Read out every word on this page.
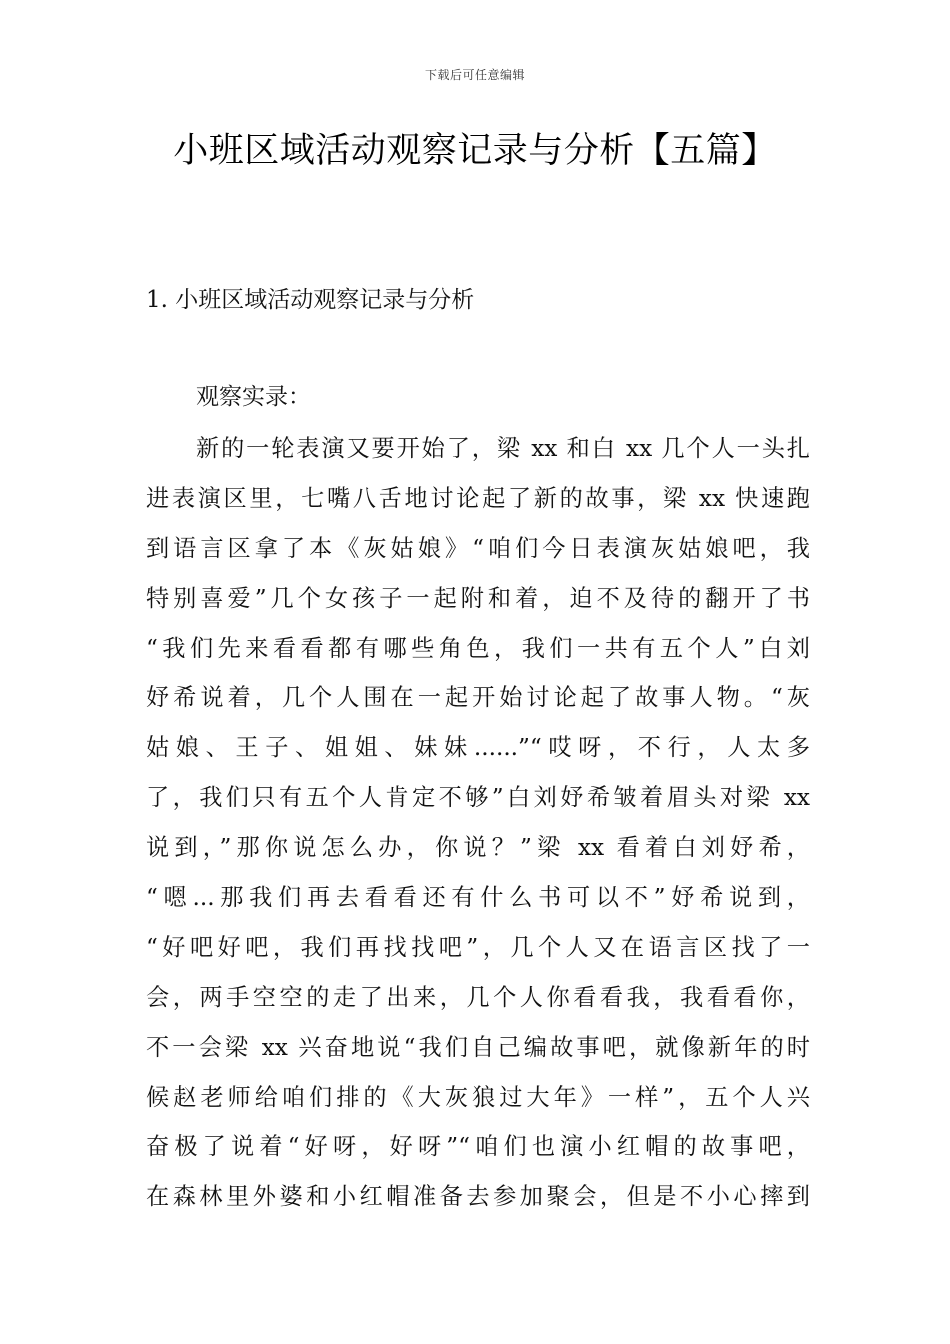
下载后可任意编辑
小班区域活动观察记录与分析【五篇】
1. 小班区域活动观察记录与分析
观察实录：
新的一轮表演又要开始了，梁 xx 和白 xx 几个人一头扎
进表演区里，七嘴八舌地讨论起了新的故事，梁 xx 快速跑
到语言区拿了本《灰姑娘》“咱们今日表演灰姑娘吧，我
特别喜爱”几个女孩子一起附和着，迫不及待的翻开了书
“我们先来看看都有哪些角色，我们一共有五个人”白刘
妤希说着，几个人围在一起开始讨论起了故事人物。“灰
姑娘、王子、姐姐、妹妹......”“哎呀，不行，人太多
了，我们只有五个人肯定不够”白刘妤希皱着眉头对梁 xx
说到，”那你说怎么办，你说？”梁 xx 看着白刘妤希，
“嗯...那我们再去看看还有什么书可以不”妤希说到，
“好吧好吧，我们再找找吧”，几个人又在语言区找了一
会，两手空空的走了出来，几个人你看看我，我看看你，
不一会梁 xx 兴奋地说“我们自己编故事吧，就像新年的时
候赵老师给咱们排的《大灰狼过大年》一样”，五个人兴
奋极了说着“好呀，好呀”“咱们也演小红帽的故事吧，
在森林里外婆和小红帽准备去参加聚会，但是不小心摔到
